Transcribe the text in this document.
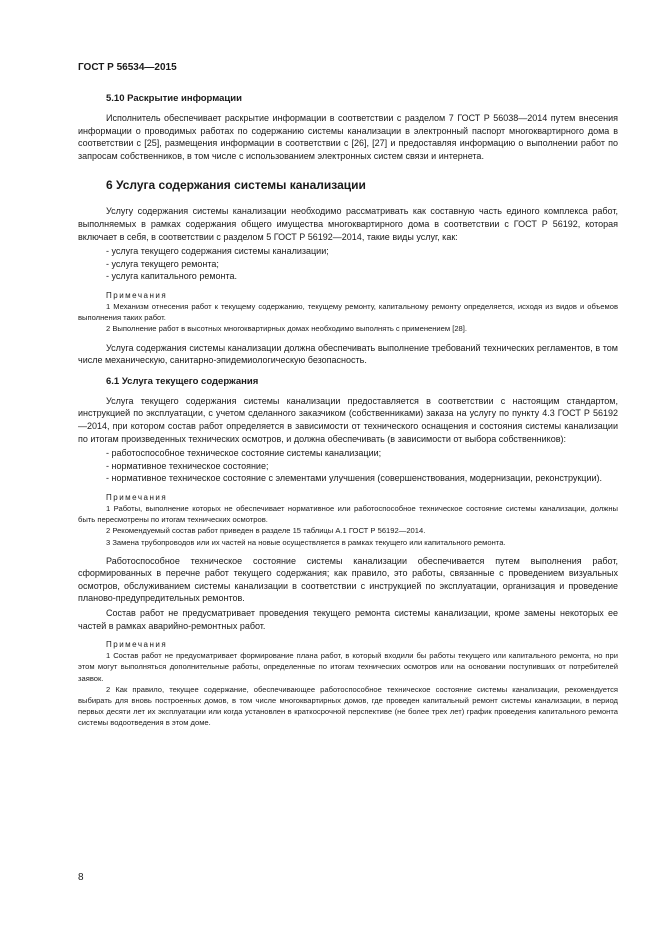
ГОСТ Р 56534—2015
5.10 Раскрытие информации

Исполнитель обеспечивает раскрытие информации в соответствии с разделом 7 ГОСТ Р 56038—2014 путем внесения информации о проводимых работах по содержанию системы канализации в электронный паспорт многоквартирного дома в соответствии с [25], размещения информации в соответствии с [26], [27] и предоставляя информацию о выполнении работ по запросам собственников, в том числе с использованием электронных систем связи и интернета.

6 Услуга содержания системы канализации

Услугу содержания системы канализации необходимо рассматривать как составную часть единого комплекса работ, выполняемых в рамках содержания общего имущества многоквартирного дома в соответствии с ГОСТ Р 56192, которая включает в себя, в соответствии с разделом 5 ГОСТ Р 56192—2014, такие виды услуг, как:

- услуга текущего содержания системы канализации;

- услуга текущего ремонта;

- услуга капитального ремонта.

Примечания

1 Механизм отнесения работ к текущему содержанию, текущему ремонту, капитальному ремонту определяется, исходя из видов и объемов выполнения таких работ.

2 Выполнение работ в высотных многоквартирных домах необходимо выполнять с применением [28].

Услуга содержания системы канализации должна обеспечивать выполнение требований технических регламентов, в том числе механическую, санитарно-эпидемиологическую безопасность.

6.1 Услуга текущего содержания

Услуга текущего содержания системы канализации предоставляется в соответствии с настоящим стандартом, инструкцией по эксплуатации, с учетом сделанного заказчиком (собственниками) заказа на услугу по пункту 4.3 ГОСТ Р 56192—2014, при котором состав работ определяется в зависимости от технического оснащения и состояния системы канализации по итогам произведенных технических осмотров, и должна обеспечивать (в зависимости от выбора собственников):

- работоспособное техническое состояние системы канализации;

- нормативное техническое состояние;

- нормативное техническое состояние с элементами улучшения (совершенствования, модернизации, реконструкции).

Примечания

1 Работы, выполнение которых не обеспечивает нормативное или работоспособное техническое состояние системы канализации, должны быть пересмотрены по итогам технических осмотров.

2 Рекомендуемый состав работ приведен в разделе 15 таблицы А.1 ГОСТ Р 56192—2014.

3 Замена трубопроводов или их частей на новые осуществляется в рамках текущего или капитального ремонта.

Работоспособное техническое состояние системы канализации обеспечивается путем выполнения работ, сформированных в перечне работ текущего содержания; как правило, это работы, связанные с проведением визуальных осмотров, обслуживанием системы канализации в соответствии с инструкцией по эксплуатации, организация и проведение планово-предупредительных ремонтов.

Состав работ не предусматривает проведения текущего ремонта системы канализации, кроме замены некоторых ее частей в рамках аварийно-ремонтных работ.

Примечания

1 Состав работ не предусматривает формирование плана работ, в который входили бы работы текущего или капитального ремонта, но при этом могут выполняться дополнительные работы, определенные по итогам технических осмотров или на основании поступивших от потребителей заявок.

2 Как правило, текущее содержание, обеспечивающее работоспособное техническое состояние системы канализации, рекомендуется выбирать для вновь построенных домов, в том числе многоквартирных домов, где проведен капитальный ремонт системы канализации, в период первых десяти лет их эксплуатации или когда установлен в краткосрочной перспективе (не более трех лет) график проведения капитального ремонта системы водоотведения в этом доме.

8
